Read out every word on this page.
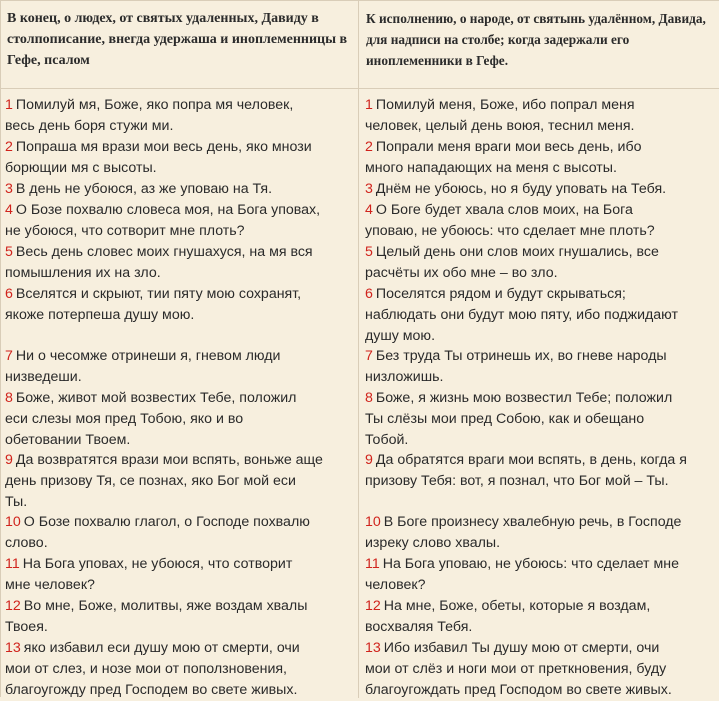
В конец, о людех, от святых удаленных, Давиду в столпописание, внегда удержаша и иноплеменницы в Гефе, псалом
1 Помилуй мя, Боже, яко попра мя человек,
весь день боря стужи ми.
2 Попраша мя врази мои весь день, яко мнози
борющии мя с высоты.
3 В день не убоюся, аз же уповаю на Тя.
4 О Бозе похвалю словеса моя, на Бога уповах,
не убоюся, что сотворит мне плоть?
5 Весь день словес моих гнушахуся, на мя вся
помышления их на зло.
6 Вселятся и скрыют, тии пяту мою сохранят,
якоже потерпеша душу мою.
7 Ни о чесомже отринеши я, гневом люди
низведеши.
8 Боже, живот мой возвестих Тебе, положил
еси слезы моя пред Тобою, яко и во
обетовании Твоем.
9 Да возвратятся врази мои вспять, воньже аще
день призову Тя, се познах, яко Бог мой еси
Ты.
10 О Бозе похвалю глагол, о Господе похвалю
слово.
11 На Бога уповах, не убоюся, что сотворит
мне человек?
12 Во мне, Боже, молитвы, яже воздам хвалы
Твоея.
13 яко избавил еси душу мою от смерти, очи
мои от слез, и нозе мои от поползновения,
благоугожду пред Господем во свете живых.
К исполнению, о народе, от святынь удалённом, Давида, для надписи на столбе; когда задержали его иноплеменники в Гефе.
1 Помилуй меня, Боже, ибо попрал меня
человек, целый день воюя, теснил меня.
2 Попрали меня враги мои весь день, ибо
много нападающих на меня с высоты.
3 Днём не убоюсь, но я буду уповать на Тебя.
4 О Боге будет хвала слов моих, на Бога
уповаю, не убоюсь: что сделает мне плоть?
5 Целый день они слов моих гнушались, все
расчёты их обо мне – во зло.
6 Поселятся рядом и будут скрываться;
наблюдать они будут мою пяту, ибо поджидают
душу мою.
7 Без труда Ты отринешь их, во гневе народы
низложишь.
8 Боже, я жизнь мою возвестил Тебе; положил
Ты слёзы мои пред Собою, как и обещано
Тобой.
9 Да обратятся враги мои вспять, в день, когда я
призову Тебя: вот, я познал, что Бог мой – Ты.
10 В Боге произнесу хвалебную речь, в Господе
изреку слово хвалы.
11 На Бога уповаю, не убоюсь: что сделает мне
человек?
12 На мне, Боже, обеты, которые я воздам,
восхваляя Тебя.
13 Ибо избавил Ты душу мою от смерти, очи
мои от слёз и ноги мои от преткновения, буду
благоугождать пред Господом во свете живых.
